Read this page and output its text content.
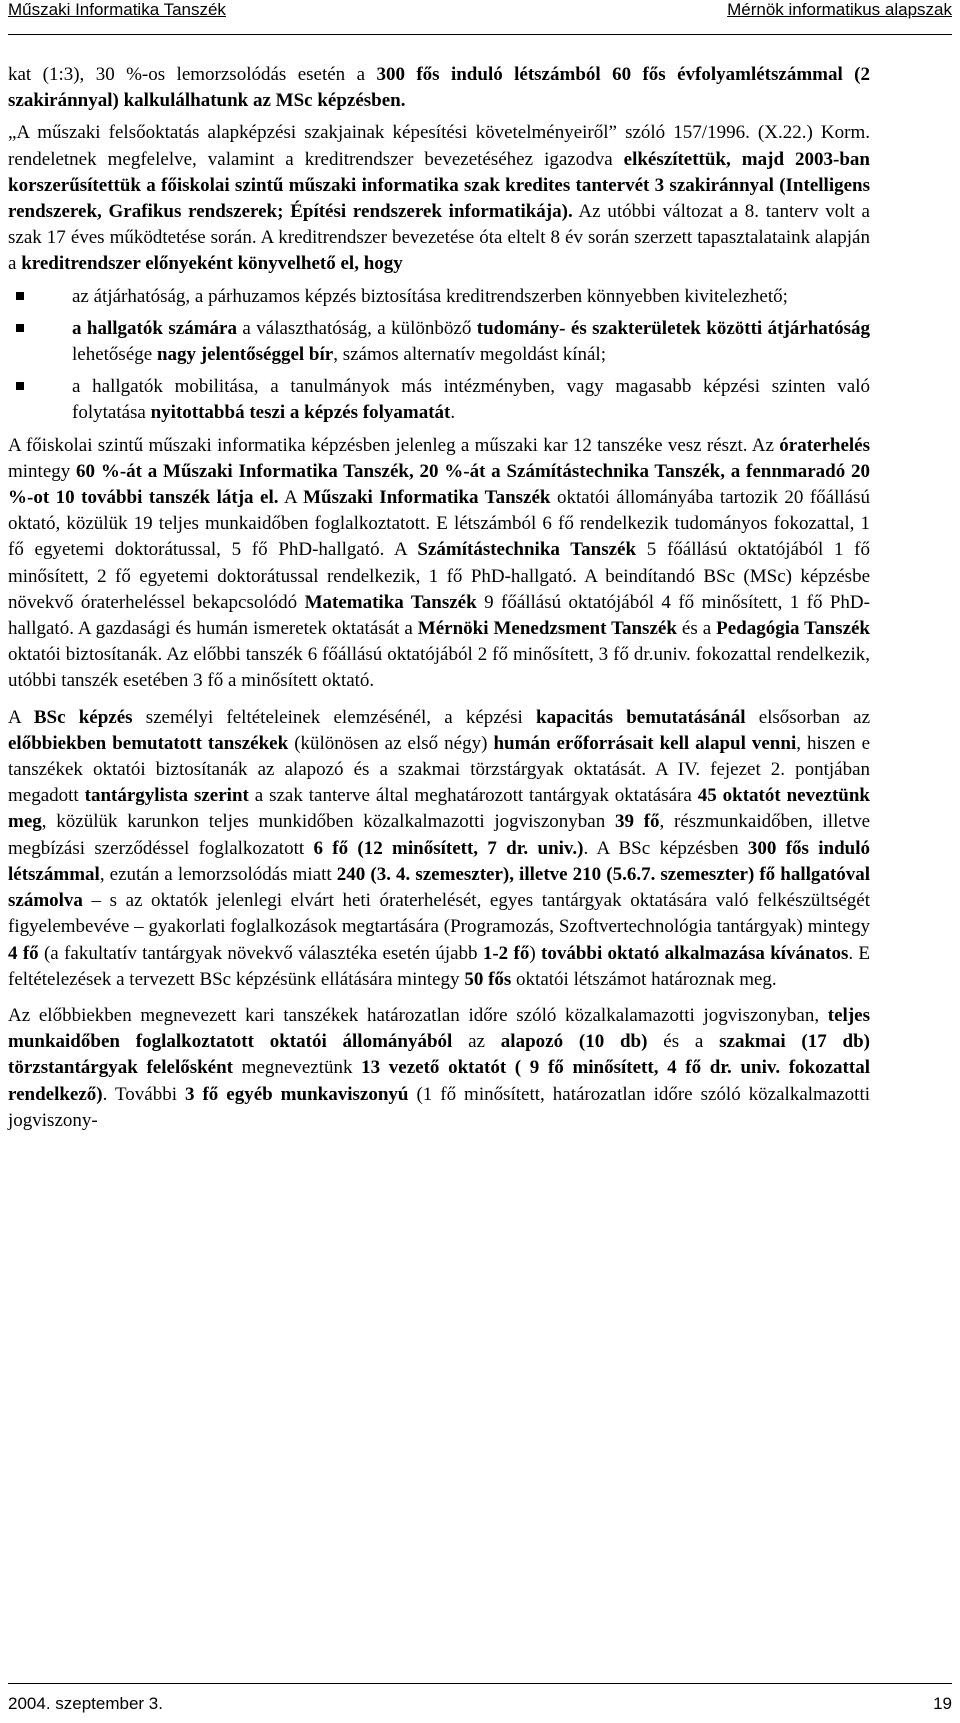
Műszaki Informatika Tanszék	Mérnök informatikus alapszak

kat (1:3), 30 %-os lemorzsolódás esetén a 300 fős induló létszámból 60 fős évfolyamlétszámmal (2 szakiránnyal) kalkulálhatunk az MSc képzésben.

„A műszaki felsőoktatás alapképzési szakjainak képesítési követelményeiről” szóló 157/1996. (X.22.) Korm. rendeletnek megfelelve, valamint a kreditrendszer bevezetéséhez igazodva elkészítettük, majd 2003-ban korszerűsítettük a főiskolai szintű műszaki informatika szak kredites tantervét 3 szakiránnyal (Intelligens rendszerek, Grafikus rendszerek; Építési rendszerek informatikája). Az utóbbi változat a 8. tanterv volt a szak 17 éves működtetése során. A kreditrendszer bevezetése óta eltelt 8 év során szerzett tapasztalataink alapján a kreditrendszer előnyeként könyvelhető el, hogy

az átjárhatóság, a párhuzamos képzés biztosítása kreditrendszerben könnyebben kivitelezhető;
a hallgatók számára a választhatóság, a különböző tudomány- és szakterületek közötti átjárhatóság lehetősége nagy jelentőséggel bír, számos alternatív megoldást kínál;
a hallgatók mobilitása, a tanulmányok más intézményben, vagy magasabb képzési szinten való folytatása nyitottabbá teszi a képzés folyamatát.

A főiskolai szintű műszaki informatika képzésben jelenleg a műszaki kar 12 tanszéke vesz részt. Az óraterhelés mintegy 60 %-át a Műszaki Informatika Tanszék, 20 %-át a Számítástechnika Tanszék, a fennmaradó 20 %-ot 10 további tanszék látja el. A Műszaki Informatika Tanszék oktatói állományába tartozik 20 főállású oktató, közülük 19 teljes munkaidőben foglalkoztatott. E létszámból 6 fő rendelkezik tudományos fokozattal, 1 fő egyetemi doktorátussal, 5 fő PhD-hallgató. A Számítástechnika Tanszék 5 főállású oktatójából 1 fő minősített, 2 fő egyetemi doktorátussal rendelkezik, 1 fő PhD-hallgató. A beindítandó BSc (MSc) képzésbe növekvő óraterheléssel bekapcsolódó Matematika Tanszék 9 főállású oktatójából 4 fő minősített, 1 fő PhD-hallgató. A gazdasági és humán ismeretek oktatását a Mérnöki Menedzsment Tanszék és a Pedagógia Tanszék oktatói biztosítanák. Az előbbi tanszék 6 főállású oktatójából 2 fő minősített, 3 fő dr.univ. fokozattal rendelkezik, utóbbi tanszék esetében 3 fő a minősített oktató.

A BSc képzés személyi feltételeinek elemzésénél, a képzési kapacitás bemutatásánál elsősorban az előbbiekben bemutatott tanszékek (különösen az első négy) humán erőforrásait kell alapul venni, hiszen e tanszékek oktatói biztosítanák az alapozó és a szakmai törzstárgyak oktatását. A IV. fejezet 2. pontjában megadott tantárgylista szerint a szak tanterve által meghatározott tantárgyak oktatására 45 oktatót neveztünk meg, közülük karunkon teljes munkidőben közalkalmazotti jogviszonyban 39 fő, részmunkaidőben, illetve megbízási szerződéssel foglalkozatott 6 fő (12 minősített, 7 dr. univ.). A BSc képzésben 300 fős induló létszámmal, ezután a lemorzsolódás miatt 240 (3. 4. szemeszter), illetve 210 (5.6.7. szemeszter) fő hallgatóval számolva – s az oktatók jelenlegi elvárt heti óraterhelését, egyes tantárgyak oktatására való felkészültségét figyelembevéve – gyakorlati foglalkozások megtartására (Programozás, Szoftvertechnológia tantárgyak) mintegy 4 fő (a fakultatív tantárgyak növekvő választéka esetén újabb 1-2 fő) további oktató alkalmazása kívánatos. E feltételezések a tervezett BSc képzésünk ellátására mintegy 50 fős oktatói létszámot határoznak meg.

Az előbbiekben megnevezett kari tanszékek határozatlan időre szóló közalkalamazotti jogviszonyban, teljes munkaidőben foglalkoztatott oktatói állományából az alapozó (10 db) és a szakmai (17 db) törzstantárgyak felelősként megneveztünk 13 vezető oktatót ( 9 fő minősített, 4 fő dr. univ. fokozattal rendelkező). További 3 fő egyéb munkaviszonyú (1 fő minősített, határozatlan időre szóló közalkalmazotti jogviszony-

2004. szeptember 3.	19
